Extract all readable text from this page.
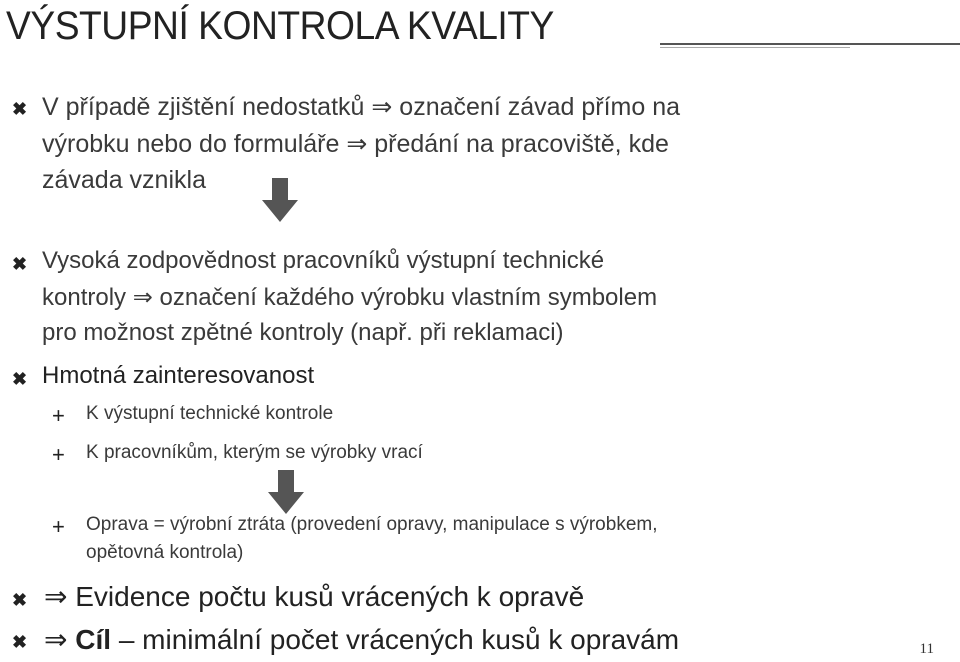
VÝSTUPNÍ KONTROLA KVALITY
✖ V případě zjištění nedostatků ⇒ označení závad přímo na
výrobku nebo do formuláře ⇒ předání na pracoviště, kde
závada vznikla
✖ Vysoká zodpovědnost pracovníků výstupní technické
kontroly ⇒ označení každého výrobku vlastním symbolem
pro možnost zpětné kontroly (např. při reklamaci)
✖ Hmotná zainteresovanost
+ K výstupní technické kontrole
+ K pracovníkům, kterým se výrobky vrací
+ Oprava = výrobní ztráta (provedení opravy, manipulace s výrobkem,
opětovná kontrola)
✖ ⇒ Evidence počtu kusů vrácených k opravě
✖ ⇒ Cíl – minimální počet vrácených kusů k opravám	11
